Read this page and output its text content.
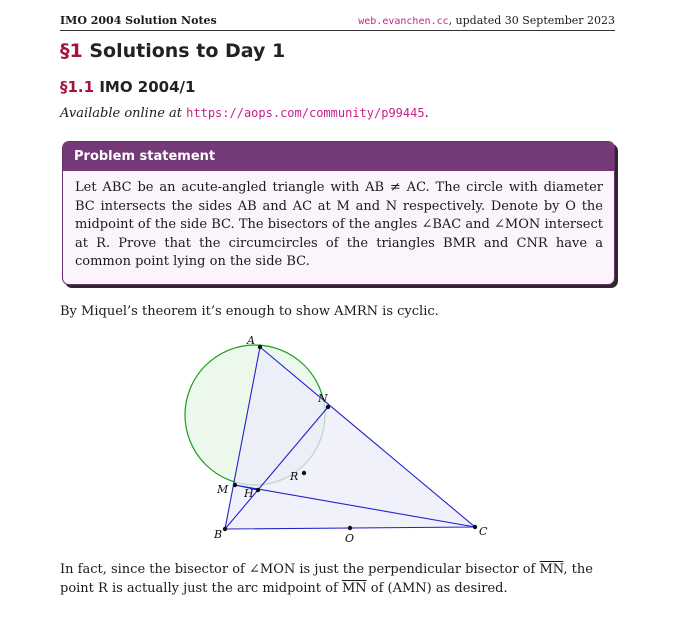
IMO 2004 Solution Notes	web.evanchen.cc, updated 30 September 2023
§1 Solutions to Day 1
§1.1 IMO 2004/1
Available online at https://aops.com/community/p99445.
Problem statement
Let ABC be an acute-angled triangle with AB ≠ AC. The circle with diameter BC intersects the sides AB and AC at M and N respectively. Denote by O the midpoint of the side BC. The bisectors of the angles ∠BAC and ∠MON intersect at R. Prove that the circumcircles of the triangles BMR and CNR have a common point lying on the side BC.
By Miquel’s theorem it’s enough to show AMRN is cyclic.
A
N
M H
R
B	C
O
In fact, since the bisector of ∠MON is just the perpendicular bisector of $\overline{MN}$, the point R is actually just the arc midpoint of $\overline{MN}$ of (AMN) as desired.
